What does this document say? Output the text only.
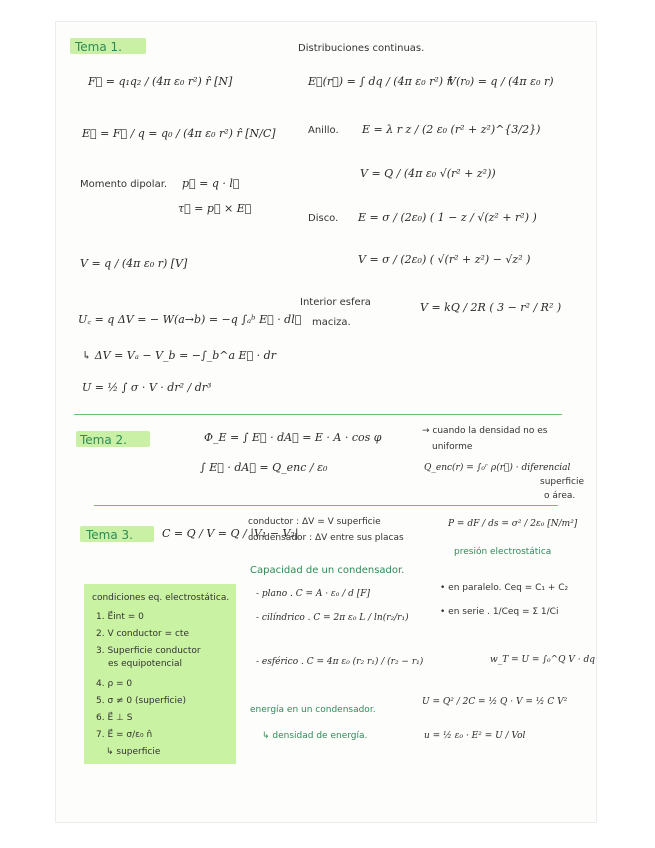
Tema 1.
F⃗ = q₁q₂ / (4π ε₀ r²) r̂ [N]
E⃗ = F⃗ / q = q₀ / (4π ε₀ r²) r̂ [N/C]
Momento dipolar. p⃗ = q · l⃗
τ⃗ = p⃗ × E⃗
V = q / (4π ε₀ r) [V]
U꜀ = q ΔV = − W(a→b) = −q ∫ₐᵇ E⃗ · dl⃗
↳ ΔV = Vₐ − V_b = −∫_b^a E⃗ · dr
U = ½ ∫ σ · V · dr² / dr³
Distribuciones continuas.
E⃗(r⃗) = ∫ dq / (4π ε₀ r²) r̂
V(r₀) = q / (4π ε₀ r)
Anillo. E = λ r z / (2 ε₀ (r² + z²)^{3/2})
V = Q / (4π ε₀ √(r² + z²))
Disco. E = σ / (2ε₀) ( 1 − z / √(z² + r²) )
V = σ / (2ε₀) ( √(r² + z²) − √z² )
Interior esfera
maciza.
V = kQ / 2R ( 3 − r² / R² )
Tema 2.	Φ_E = ∫ E⃗ · dA⃗ = E · A · cos φ
∫ E⃗ · dA⃗ = Q_enc / ε₀
→ cuando la densidad no es
uniforme
Q_enc(r) = ∫₀ʳ ρ(r⃗) · diferencial
superficie
o área.
Tema 3.	C = Q / V = Q / |V₁ − V₂|
conductor : ΔV = V superficie
condensador : ΔV entre sus placas
P = dF / ds = σ² / 2ε₀ [N/m²]
presión electrostática
Capacidad de un condensador.
- plano . C = A · ε₀ / d [F]
- cilíndrico . C = 2π ε₀ L / ln(r₂/r₁)
- esférico . C = 4π ε₀ (r₂ r₁) / (r₂ − r₁)
• en paralelo. Ceq = C₁ + C₂
• en serie . 1/Ceq = Σ 1/Ci
w_T = U = ∫₀^Q V · dq
energía en un condensador.
U = Q² / 2C = ½ Q · V = ½ C V²
↳ densidad de energía.	u = ½ ε₀ · E² = U / Vol
condiciones eq. electrostática.
1. E⃗int = 0
2. V conductor = cte
3. Superficie conductor
es equipotencial
4. ρ = 0
5. σ ≠ 0 (superficie)
6. E⃗ ⊥ S
7. E⃗ = σ/ε₀ n̂
↳ superficie
